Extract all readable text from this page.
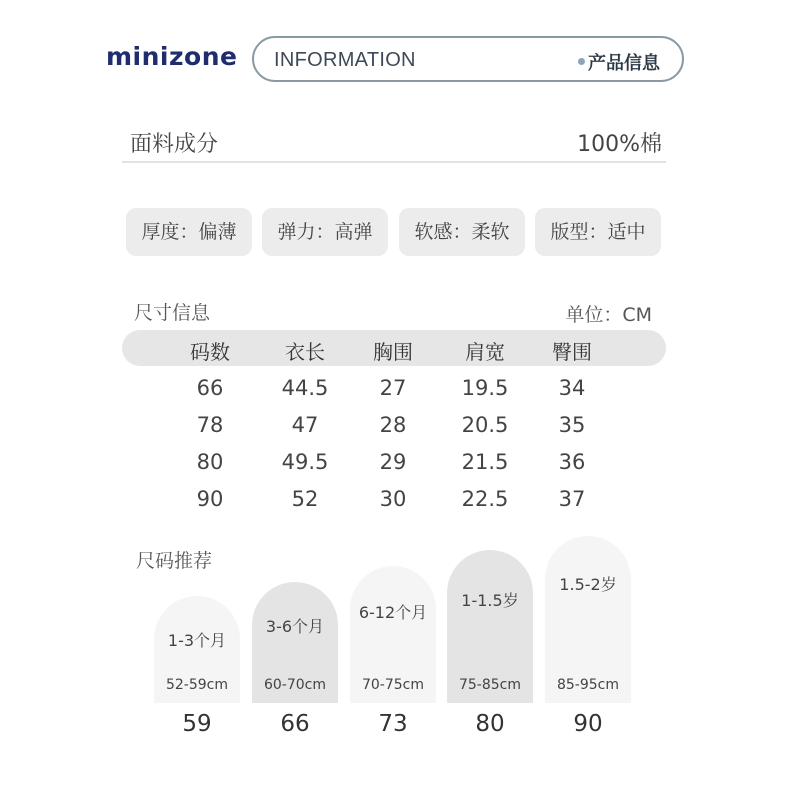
minizone INFORMATION	产品信息
面料成分	100%棉
厚度：偏薄	弹力：高弹	软感：柔软	版型：适中
尺寸信息	单位：CM
码数	衣长	胸围	肩宽	臀围
66	44.5	27	19.5	34
78	47	28	20.5	35
80	49.5	29	21.5	36
90	52	30	22.5	37
尺码推荐
1-3个月
52-59cm
3-6个月
60-70cm
6-12个月
70-75cm
1-1.5岁
75-85cm
1.5-2岁
85-95cm
59	66	73	80	90
